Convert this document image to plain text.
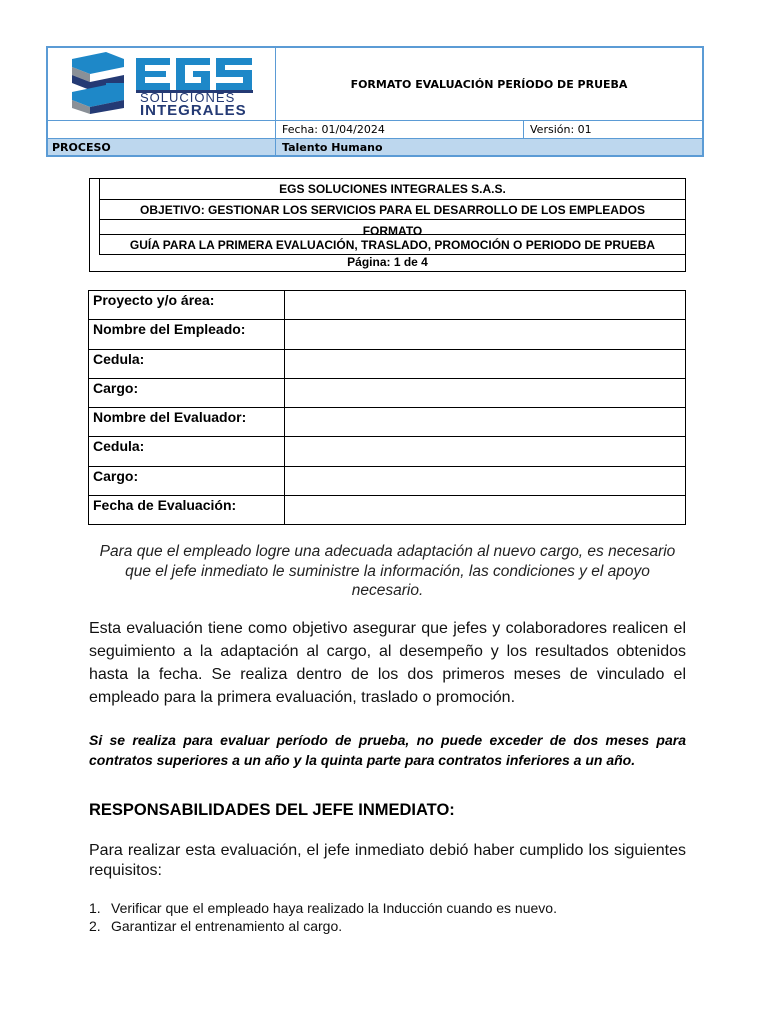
SOLUCIONES
INTEGRALES
FORMATO EVALUACIÓN PERÍODO DE PRUEBA
Fecha: 01/04/2024	Versión: 01
PROCESO	Talento Humano
EGS SOLUCIONES INTEGRALES S.A.S.
OBJETIVO: GESTIONAR LOS SERVICIOS PARA EL DESARROLLO DE LOS EMPLEADOS
FORMATO
GUÍA PARA LA PRIMERA EVALUACIÓN, TRASLADO, PROMOCIÓN O PERIODO DE PRUEBA
Página: 1 de 4
Proyecto y/o área:	
Nombre del Empleado:	
Cedula:	
Cargo:	
Nombre del Evaluador:	
Cedula:	
Cargo:	
Fecha de Evaluación:	
Para que el empleado logre una adecuada adaptación al nuevo cargo, es necesario que el jefe inmediato le suministre la información, las condiciones y el apoyo necesario.
Esta evaluación tiene como objetivo asegurar que jefes y colaboradores realicen el seguimiento a la adaptación al cargo, al desempeño y los resultados obtenidos hasta la fecha. Se realiza dentro de los dos primeros meses de vinculado el empleado para la primera evaluación, traslado o promoción.
Si se realiza para evaluar período de prueba, no puede exceder de dos meses para contratos superiores a un año y la quinta parte para contratos inferiores a un año.
RESPONSABILIDADES DEL JEFE INMEDIATO:
Para realizar esta evaluación, el jefe inmediato debió haber cumplido los siguientes requisitos:
1. Verificar que el empleado haya realizado la Inducción cuando es nuevo.
2. Garantizar el entrenamiento al cargo.
